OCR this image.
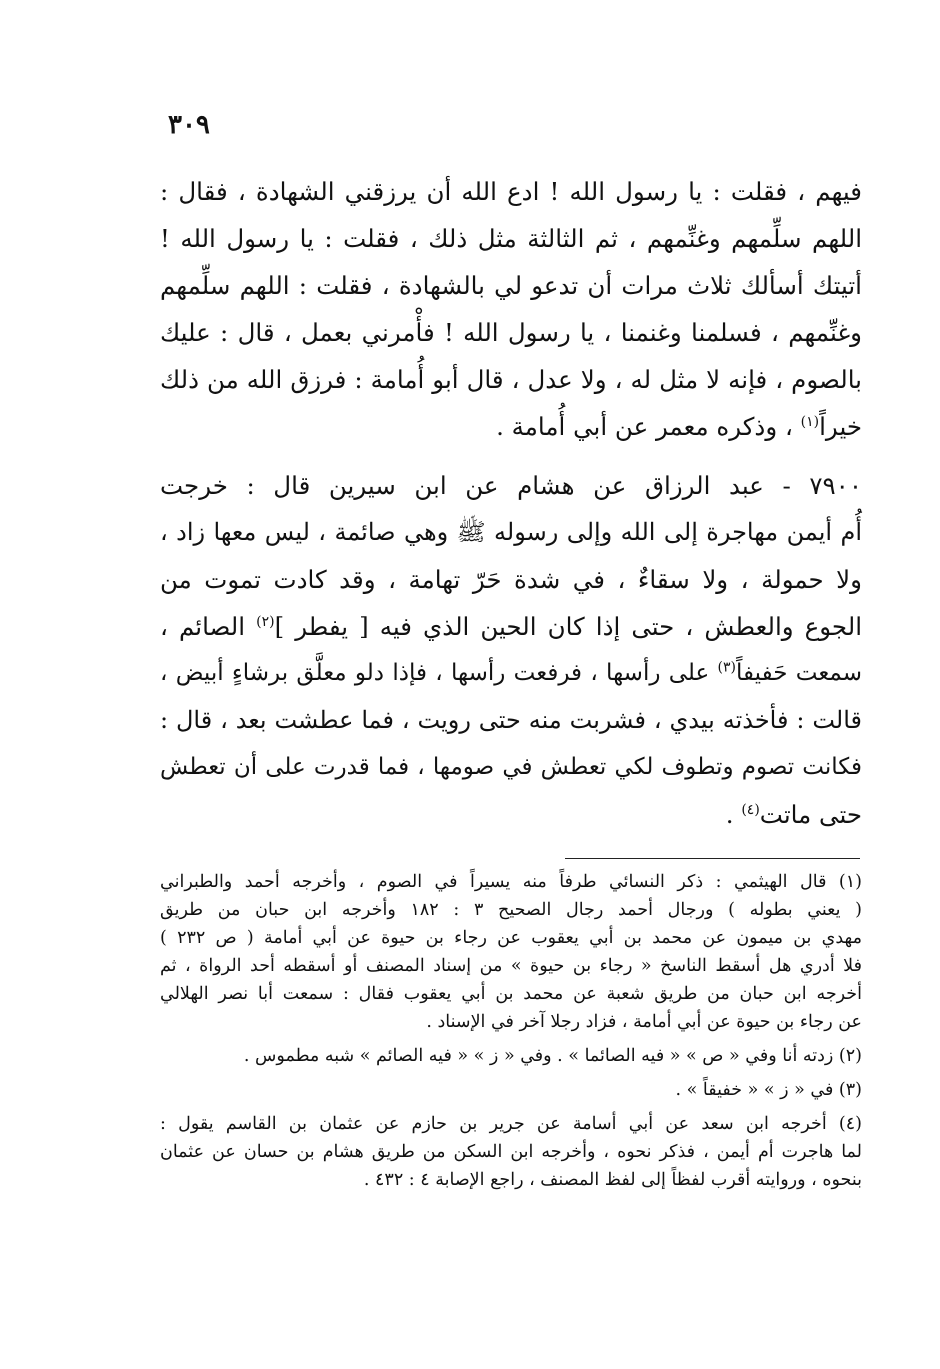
٣٠٩

فيهم ، فقلت : يا رسول الله ! ادع الله أن يرزقني الشهادة ، فقال :
اللهم سلِّمهم وغنِّمهم ، ثم الثالثة مثل ذلك ، فقلت : يا رسول الله !
أتيتك أسألك ثلاث مرات أن تدعو لي بالشهادة ، فقلت : اللهم سلِّمهم
وغنِّمهم ، فسلمنا وغنمنا ، يا رسول الله ! فأْمرني بعمل ، قال : عليك
بالصوم ، فإنه لا مثل له ، ولا عدل ، قال أبو أُمامة : فرزق الله من ذلك
خيراً$^{(١)}$ ، وذكره معمر عن أبي أُمامة .

٧٩٠٠ - عبد الرزاق عن هشام عن ابن سيرين قال : خرجت
أُم أيمن مهاجرة إلى الله وإلى رسوله ﷺ وهي صائمة ، ليس معها زاد ،
ولا حمولة ، ولا سقاءٌ ، في شدة حَرّ تهامة ، وقد كادت تموت من
الجوع والعطش ، حتى إذا كان الحين الذي فيه [ يفطر ]$^{(٢)}$ الصائم ،
سمعت حَفيفاً$^{(٣)}$ على رأسها ، فرفعت رأسها ، فإذا دلو معلَّق برشاءٍ أبيض ،
قالت : فأخذته بيدي ، فشربت منه حتى رويت ، فما عطشت بعد ، قال :
فكانت تصوم وتطوف لكي تعطش في صومها ، فما قدرت على أن تعطش
حتى ماتت$^{(٤)}$ .

(١) قال الهيثمي : ذكر النسائي طرفاً منه يسيراً في الصوم ، وأخرجه أحمد والطبراني
( يعني بطوله ) ورجال أحمد رجال الصحيح ٣ : ١٨٢ وأخرجه ابن حبان من طريق
مهدي بن ميمون عن محمد بن أبي يعقوب عن رجاء بن حيوة عن أبي أمامة ( ص ٢٣٢ )
فلا أدري هل أسقط الناسخ « رجاء بن حيوة » من إسناد المصنف أو أسقطه أحد الرواة ، ثم
أخرجه ابن حبان من طريق شعبة عن محمد بن أبي يعقوب فقال : سمعت أبا نصر الهلالي
عن رجاء بن حيوة عن أبي أمامة ، فزاد رجلا آخر في الإسناد .
(٢) زدته أنا وفي « ص » « فيه الصائما » . وفي « ز » « فيه الصائم » شبه مطموس .
(٣) في « ز » « خفيقاً » .
(٤) أخرجه ابن سعد عن أبي أسامة عن جرير بن حازم عن عثمان بن القاسم يقول :
لما هاجرت أم أيمن ، فذكر نحوه ، وأخرجه ابن السكن من طريق هشام بن حسان عن عثمان
بنحوه ، وروايته أقرب لفظاً إلى لفظ المصنف ، راجع الإصابة ٤ : ٤٣٢ .
